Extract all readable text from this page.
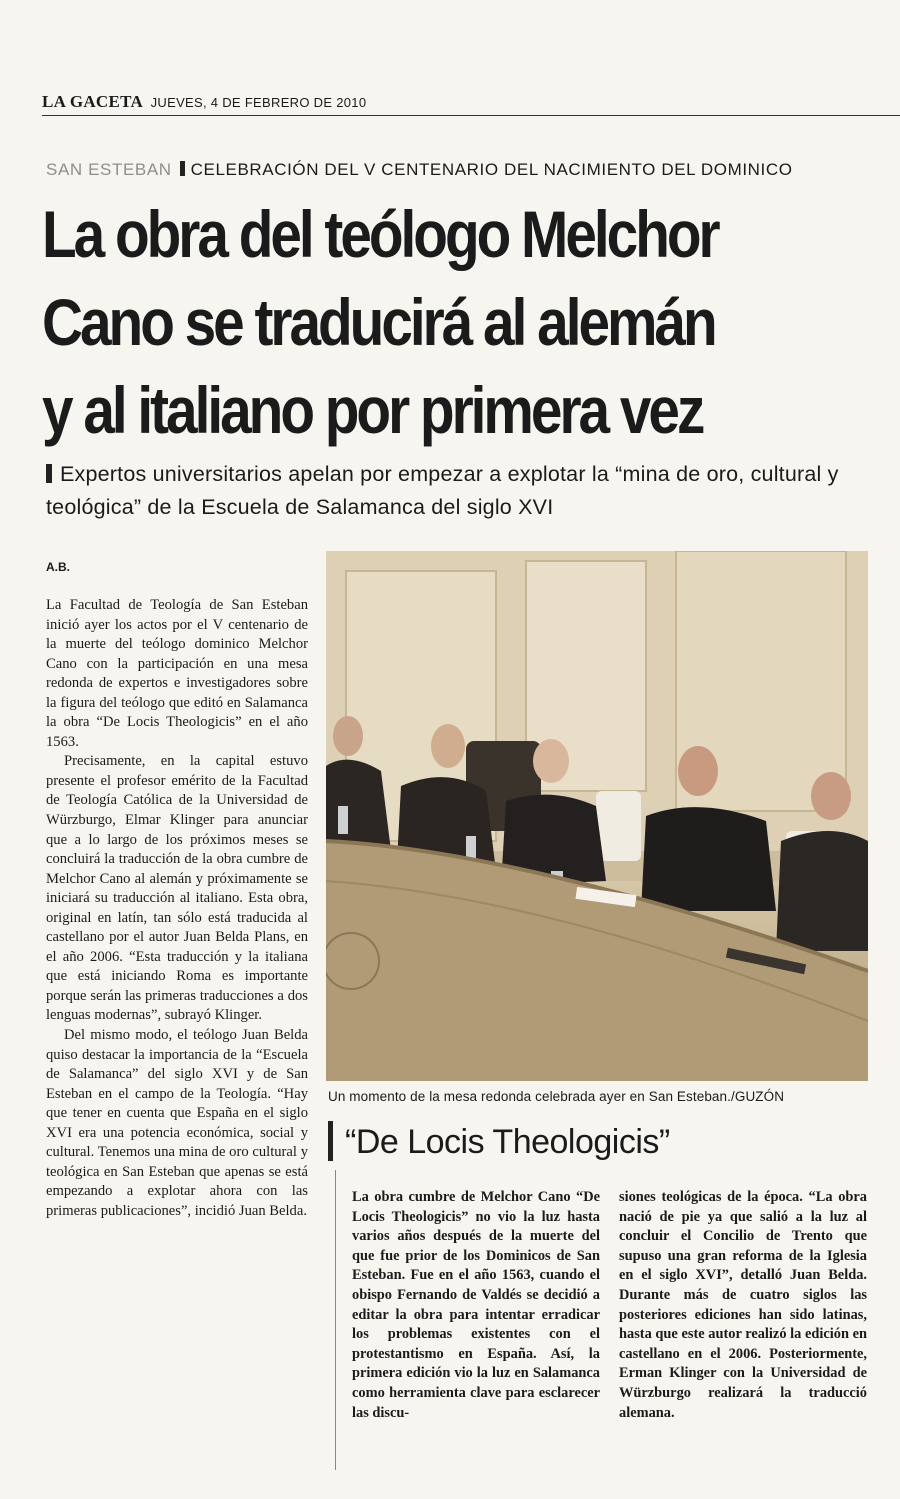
LA GACETA JUEVES, 4 DE FEBRERO DE 2010
SAN ESTEBAN CELEBRACIÓN DEL V CENTENARIO DEL NACIMIENTO DEL DOMINICO
La obra del teólogo Melchor
Cano se traducirá al alemán
y al italiano por primera vez
Expertos universitarios apelan por empezar a explotar la “mina de oro, cultural y teológica” de la Escuela de Salamanca del siglo XVI
A.B.

La Facultad de Teología de San Esteban inició ayer los actos por el V centenario de la muerte del teólogo dominico Melchor Cano con la participación en una mesa redonda de expertos e investigadores sobre la figura del teólogo que editó en Salamanca la obra “De Locis Theologicis” en el año 1563.

Precisamente, en la capital estuvo presente el profesor emérito de la Facultad de Teología Católica de la Universidad de Würzburgo, Elmar Klinger para anunciar que a lo largo de los próximos meses se concluirá la traducción de la obra cumbre de Melchor Cano al alemán y próximamente se iniciará su traducción al italiano. Esta obra, original en latín, tan sólo está traducida al castellano por el autor Juan Belda Plans, en el año 2006. “Esta traducción y la italiana que está iniciando Roma es importante porque serán las primeras traducciones a dos lenguas modernas”, subrayó Klinger.

Del mismo modo, el teólogo Juan Belda quiso destacar la importancia de la “Escuela de Salamanca” del siglo XVI y de San Esteban en el campo de la Teología. “Hay que tener en cuenta que España en el siglo XVI era una potencia económica, social y cultural. Tenemos una mina de oro cultural y teológica en San Esteban que apenas se está empezando a explotar ahora con las primeras publicaciones”, incidió Juan Belda.

Un momento de la mesa redonda celebrada ayer en San Esteban./GUZÓN
“De Locis Theologicis”
La obra cumbre de Melchor Cano “De Locis Theologicis” no vio la luz hasta varios años después de la muerte del que fue prior de los Dominicos de San Esteban. Fue en el año 1563, cuando el obispo Fernando de Valdés se decidió a editar la obra para intentar erradicar los problemas existentes con el protestantismo en España. Así, la primera edición vio la luz en Salamanca como herramienta clave para esclarecer las discu-
siones teológicas de la época. “La obra nació de pie ya que salió a la luz al concluir el Concilio de Trento que supuso una gran reforma de la Iglesia en el siglo XVI”, detalló Juan Belda. Durante más de cuatro siglos las posteriores ediciones han sido latinas, hasta que este autor realizó la edición en castellano en el 2006. Posteriormente, Erman Klinger con la Universidad de Würzburgo realizará la traducció alemana.
